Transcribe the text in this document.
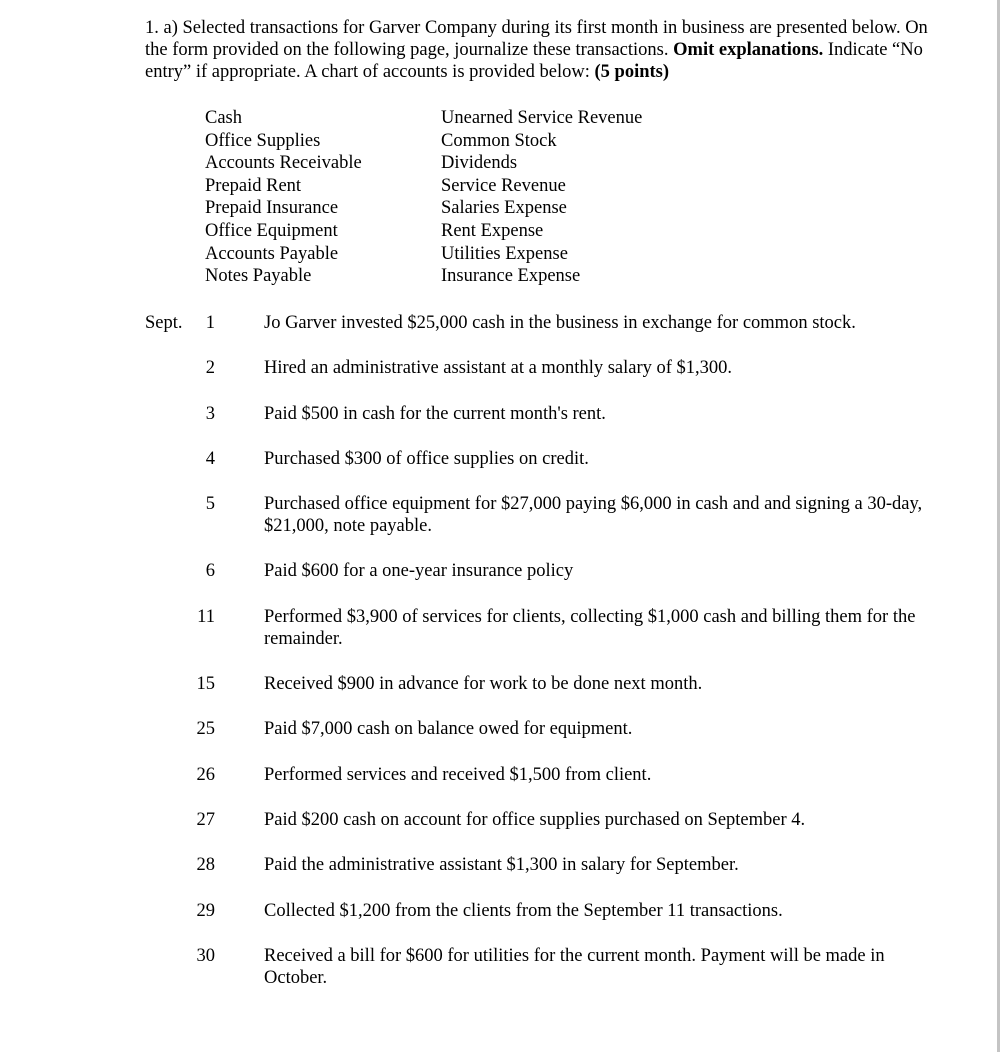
1. a) Selected transactions for Garver Company during its first month in business are presented below. On the form provided on the following page, journalize these transactions. Omit explanations. Indicate “No entry” if appropriate. A chart of accounts is provided below: (5 points)
Cash
Office Supplies
Accounts Receivable
Prepaid Rent
Prepaid Insurance
Office Equipment
Accounts Payable
Notes Payable
Unearned Service Revenue
Common Stock
Dividends
Service Revenue
Salaries Expense
Rent Expense
Utilities Expense
Insurance Expense
Sept.	1	Jo Garver invested $25,000 cash in the business in exchange for common stock.
2	Hired an administrative assistant at a monthly salary of $1,300.
3	Paid $500 in cash for the current month's rent.
4	Purchased $300 of office supplies on credit.
5	Purchased office equipment for $27,000 paying $6,000 in cash and and signing a 30-day, $21,000, note payable.
6	Paid $600 for a one-year insurance policy
11	Performed $3,900 of services for clients, collecting $1,000 cash and billing them for the remainder.
15	Received $900 in advance for work to be done next month.
25	Paid $7,000 cash on balance owed for equipment.
26	Performed services and received $1,500 from client.
27	Paid $200 cash on account for office supplies purchased on September 4.
28	Paid the administrative assistant $1,300 in salary for September.
29	Collected $1,200 from the clients from the September 11 transactions.
30	Received a bill for $600 for utilities for the current month. Payment will be made in October.
